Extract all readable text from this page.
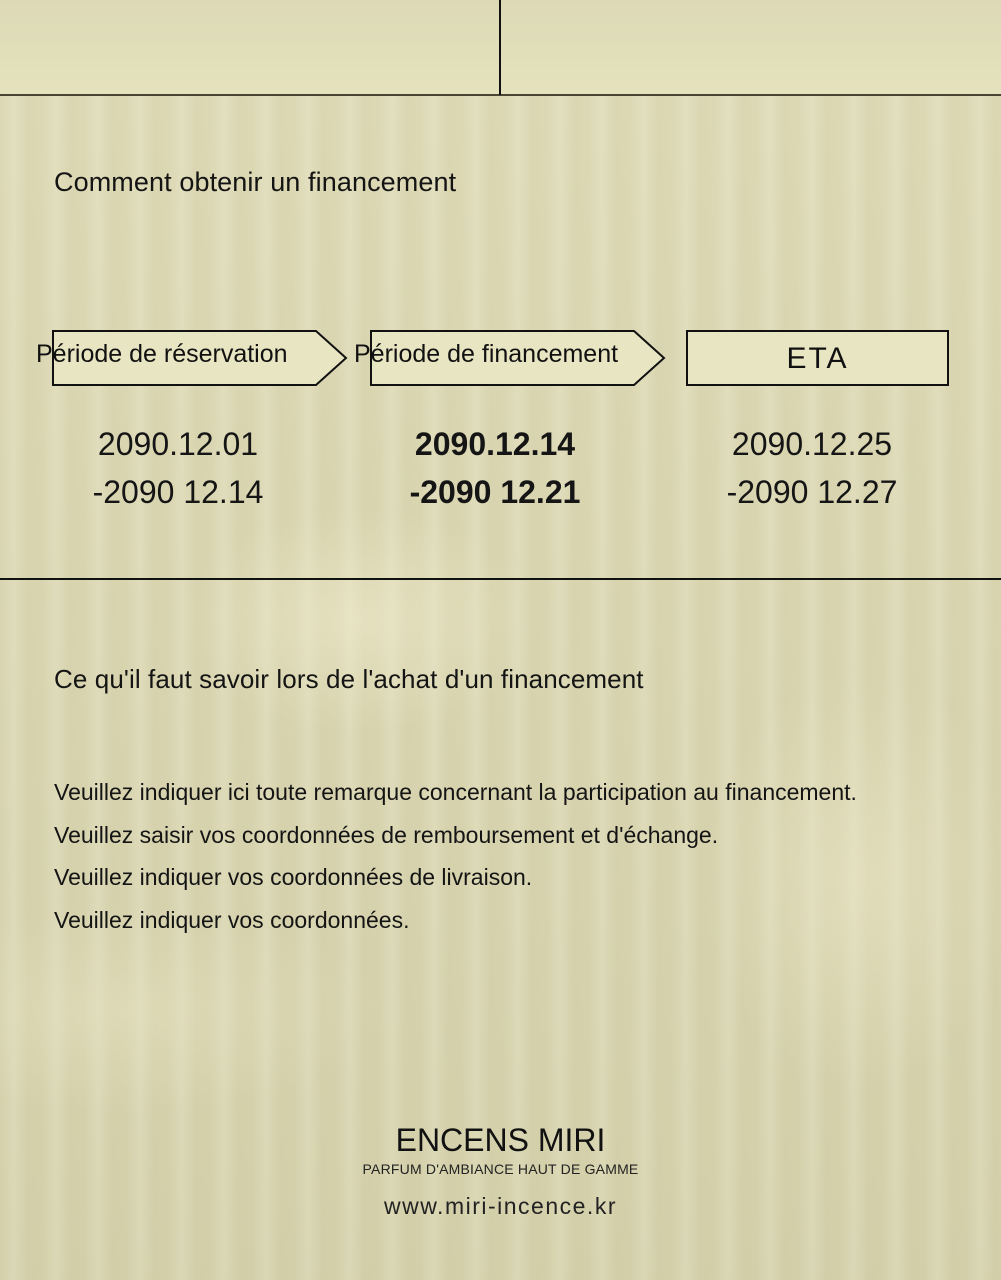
Comment obtenir un financement
Période de réservation	Période de financement	ETA
2090.12.01
-2090 12.14
2090.12.14
-2090 12.21
2090.12.25
-2090 12.27
Ce qu'il faut savoir lors de l'achat d'un financement
Veuillez indiquer ici toute remarque concernant la participation au financement.
Veuillez saisir vos coordonnées de remboursement et d'échange.
Veuillez indiquer vos coordonnées de livraison.
Veuillez indiquer vos coordonnées.
ENCENS MIRI
PARFUM D'AMBIANCE HAUT DE GAMME
www.miri-incence.kr
